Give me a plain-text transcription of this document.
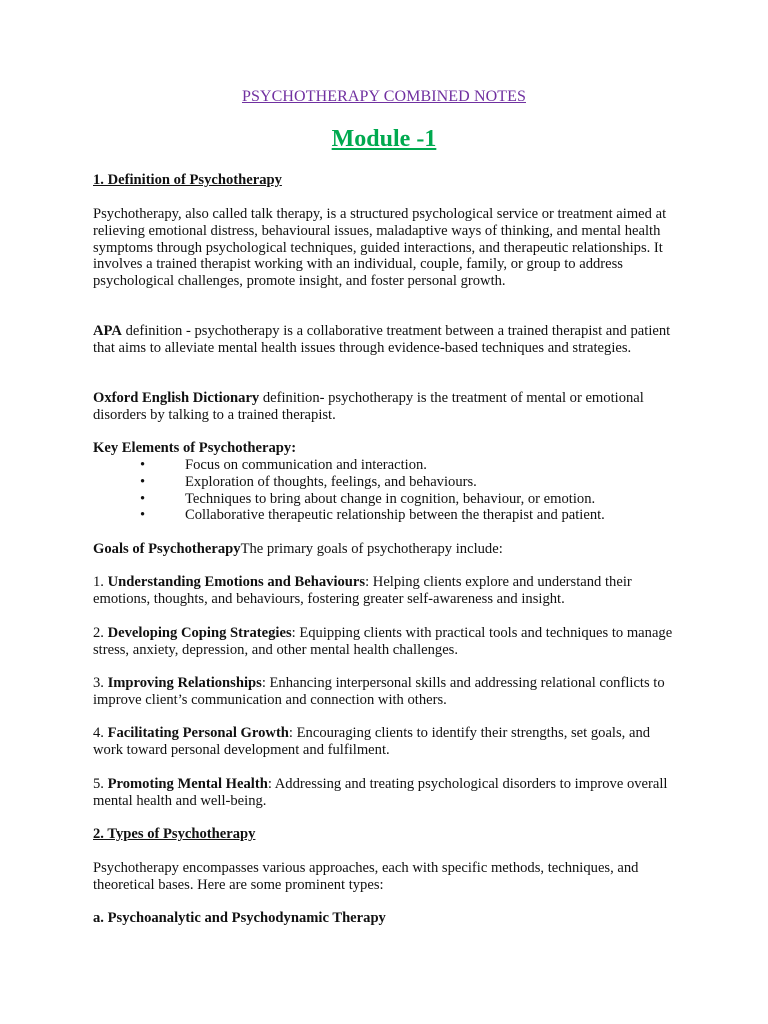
PSYCHOTHERAPY COMBINED NOTES
Module -1
1. Definition of Psychotherapy
Psychotherapy, also called talk therapy, is a structured psychological service or treatment aimed at relieving emotional distress, behavioural issues, maladaptive ways of thinking, and mental health symptoms through psychological techniques, guided interactions, and therapeutic relationships. It involves a trained therapist working with an individual, couple, family, or group to address psychological challenges, promote insight, and foster personal growth.
APA definition - psychotherapy is a collaborative treatment between a trained therapist and patient that aims to alleviate mental health issues through evidence-based techniques and strategies.
Oxford English Dictionary definition- psychotherapy is the treatment of mental or emotional disorders by talking to a trained therapist.
Key Elements of Psychotherapy:
•	Focus on communication and interaction.
•	Exploration of thoughts, feelings, and behaviours.
•	Techniques to bring about change in cognition, behaviour, or emotion.
•	Collaborative therapeutic relationship between the therapist and patient.
Goals of PsychotherapyThe primary goals of psychotherapy include:
1. Understanding Emotions and Behaviours: Helping clients explore and understand their emotions, thoughts, and behaviours, fostering greater self-awareness and insight.
2. Developing Coping Strategies: Equipping clients with practical tools and techniques to manage stress, anxiety, depression, and other mental health challenges.
3. Improving Relationships: Enhancing interpersonal skills and addressing relational conflicts to improve client’s communication and connection with others.
4. Facilitating Personal Growth: Encouraging clients to identify their strengths, set goals, and work toward personal development and fulfilment.
5. Promoting Mental Health: Addressing and treating psychological disorders to improve overall mental health and well-being.
2. Types of Psychotherapy
Psychotherapy encompasses various approaches, each with specific methods, techniques, and theoretical bases. Here are some prominent types:
a. Psychoanalytic and Psychodynamic Therapy
